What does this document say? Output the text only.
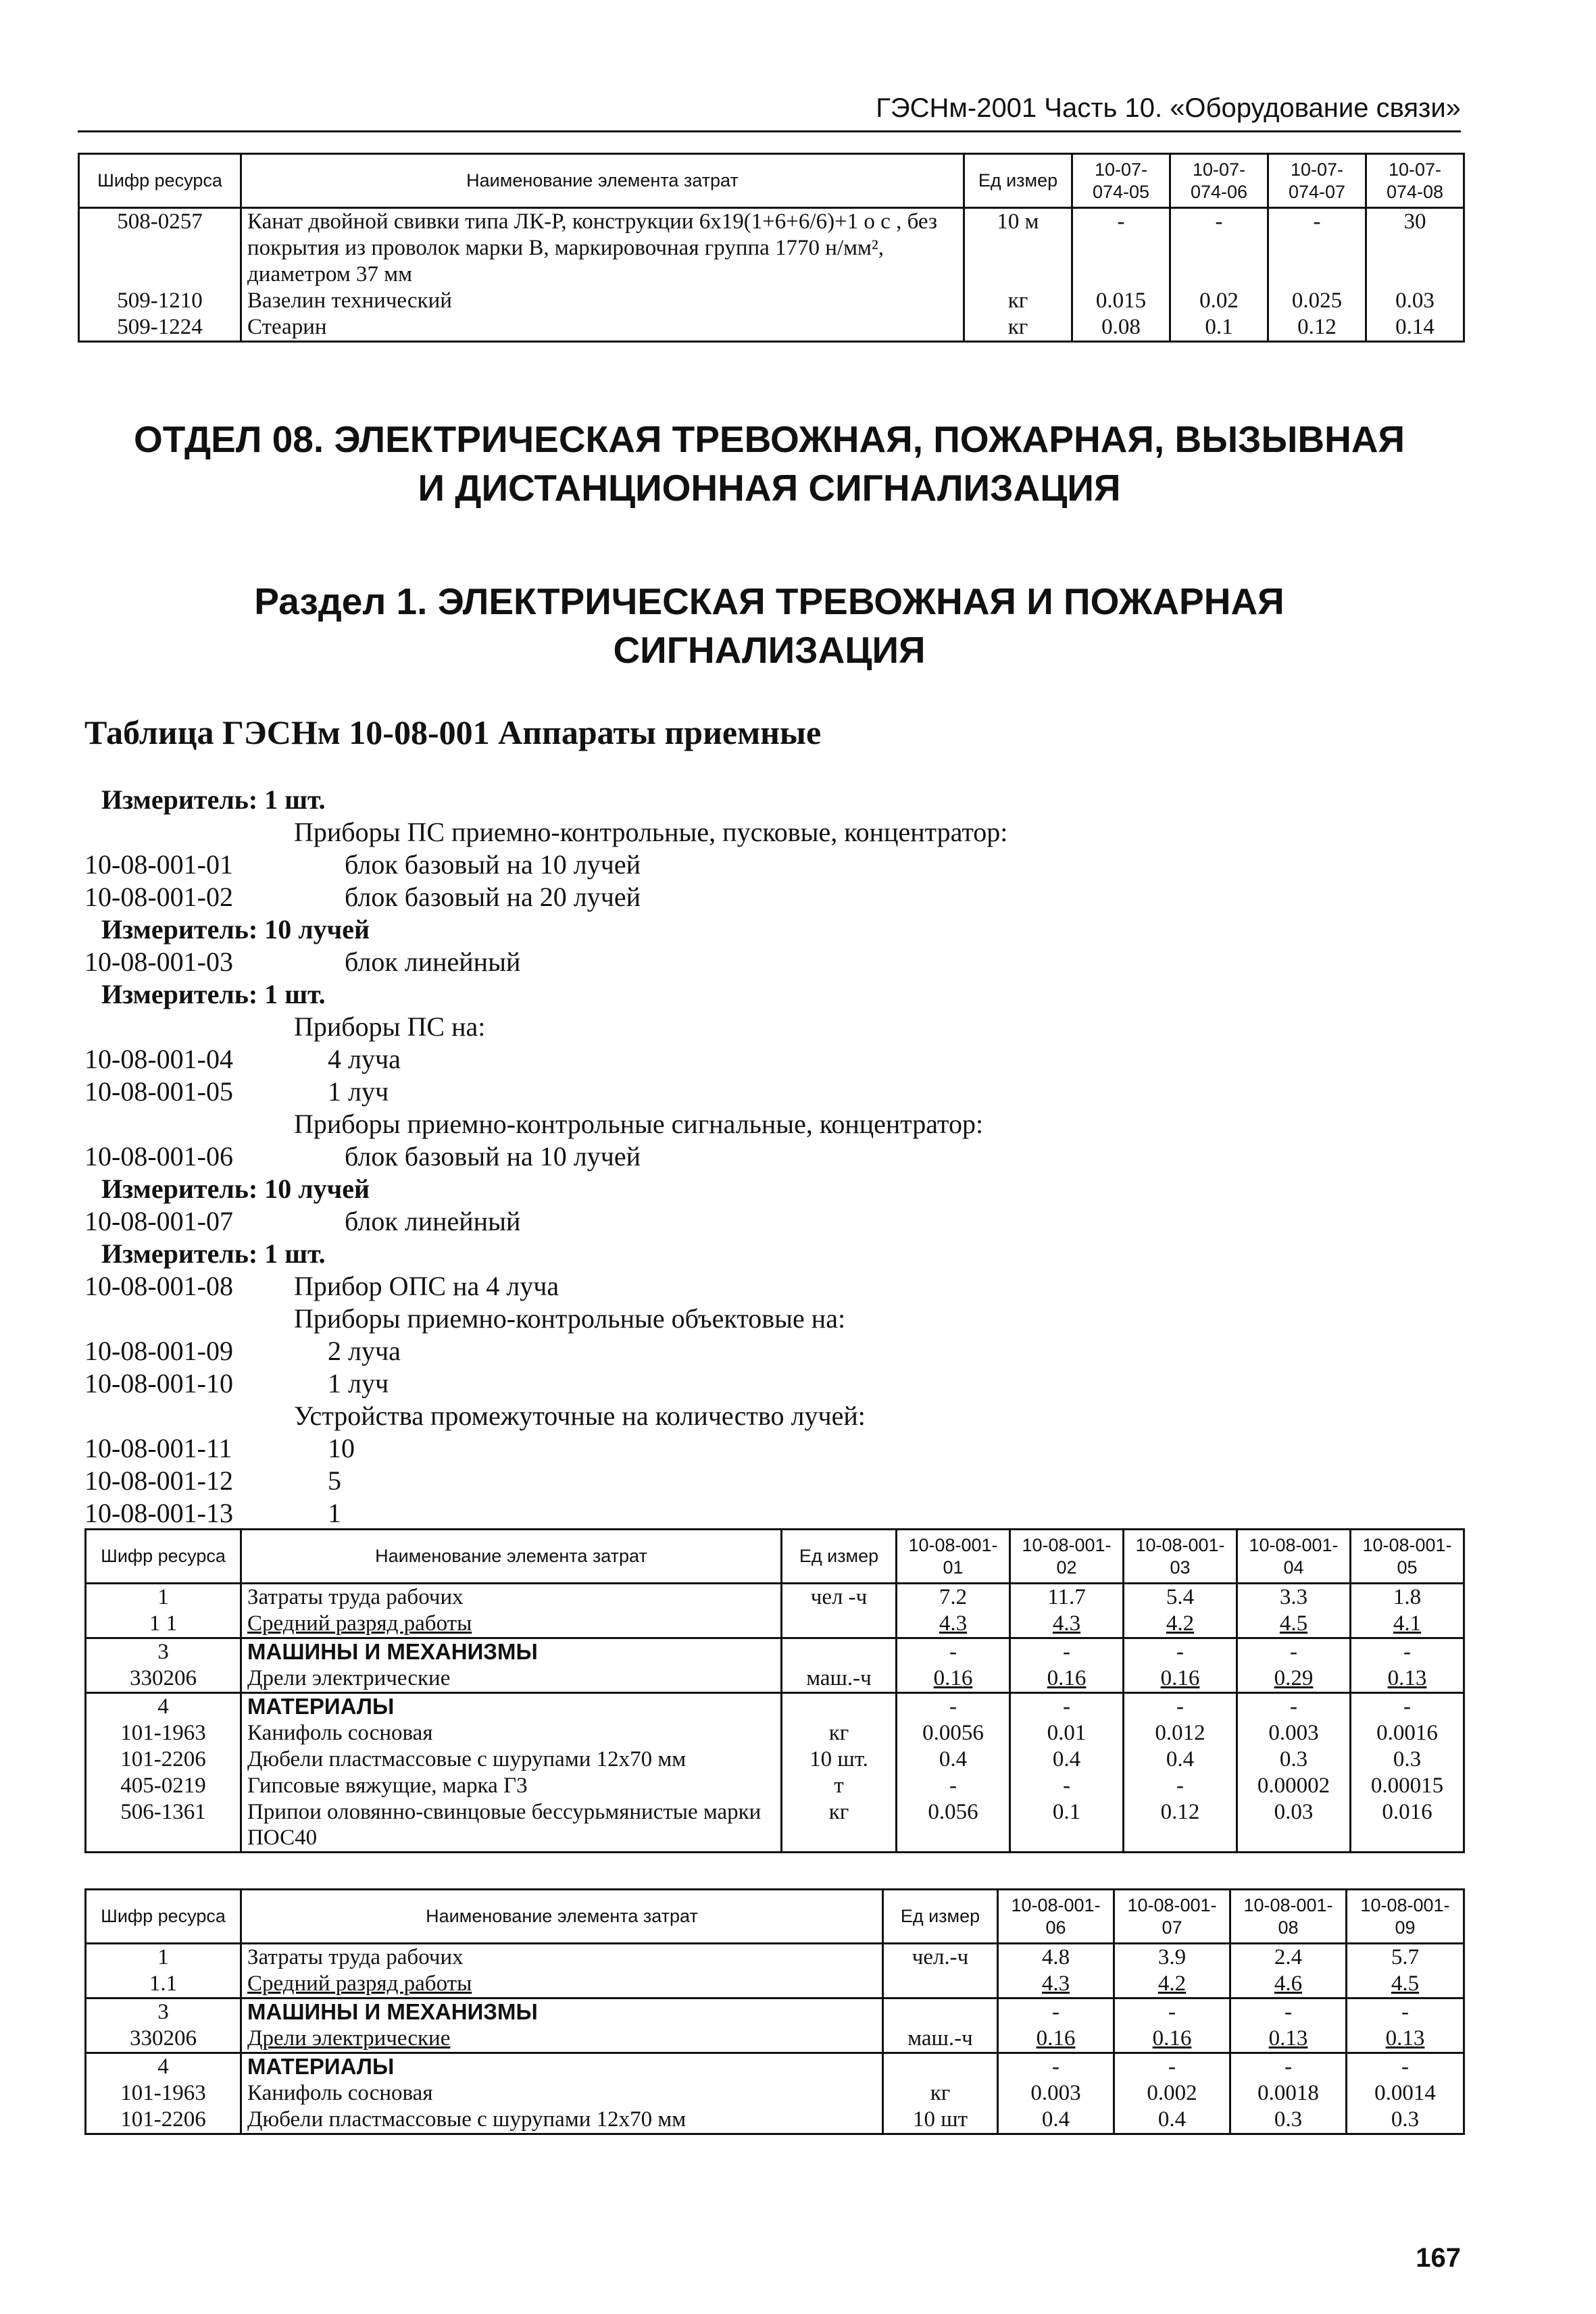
ГЭСНм-2001 Часть 10. «Оборудование связи»
Шифр ресурса	Наименование элемента затрат	Ед измер	10-07-074-05	10-07-074-06	10-07-074-07	10-07-074-08
508-0257	Канат двойной свивки типа ЛК-Р, конструкции 6х19(1+6+6/6)+1 о с , без покрытия из проволок марки В, маркировочная группа 1770 н/мм², диаметром 37 мм	10 м	-	-	-	30
509-1210	Вазелин технический	кг	0.015	0.02	0.025	0.03
509-1224	Стеарин	кг	0.08	0.1	0.12	0.14
ОТДЕЛ 08. ЭЛЕКТРИЧЕСКАЯ ТРЕВОЖНАЯ, ПОЖАРНАЯ, ВЫЗЫВНАЯ
И ДИСТАНЦИОННАЯ СИГНАЛИЗАЦИЯ
Раздел 1. ЭЛЕКТРИЧЕСКАЯ ТРЕВОЖНАЯ И ПОЖАРНАЯ
СИГНАЛИЗАЦИЯ
Таблица ГЭСНм 10-08-001 Аппараты приемные
Измеритель: 1 шт.
Приборы ПС приемно-контрольные, пусковые, концентратор:
10-08-001-01	блок базовый на 10 лучей
10-08-001-02	блок базовый на 20 лучей
Измеритель: 10 лучей
10-08-001-03	блок линейный
Измеритель: 1 шт.
Приборы ПС на:
10-08-001-04	4 луча
10-08-001-05	1 луч
Приборы приемно-контрольные сигнальные, концентратор:
10-08-001-06	блок базовый на 10 лучей
Измеритель: 10 лучей
10-08-001-07	блок линейный
Измеритель: 1 шт.
10-08-001-08 Прибор ОПС на 4 луча
Приборы приемно-контрольные объектовые на:
10-08-001-09	2 луча
10-08-001-10	1 луч
Устройства промежуточные на количество лучей:
10-08-001-11	10
10-08-001-12	5
10-08-001-13	1
Шифр ресурса	Наименование элемента затрат	Ед измер	10-08-001-01	10-08-001-02	10-08-001-03	10-08-001-04	10-08-001-05
1	Затраты труда рабочих	чел -ч	7.2	11.7	5.4	3.3	1.8
1 1	Средний разряд работы		4.3	4.3	4.2	4.5	4.1
3	МАШИНЫ И МЕХАНИЗМЫ		-	-	-	-	-
330206	Дрели электрические	маш.-ч	0.16	0.16	0.16	0.29	0.13
4	МАТЕРИАЛЫ		-	-	-	-	-
101-1963	Канифоль сосновая	кг	0.0056	0.01	0.012	0.003	0.0016
101-2206	Дюбели пластмассовые с шурупами 12х70 мм	10 шт.	0.4	0.4	0.4	0.3	0.3
405-0219	Гипсовые вяжущие, марка Г3	т	-	-	-	0.00002	0.00015
506-1361	Припои оловянно-свинцовые бессурьмянистые марки ПОС40	кг	0.056	0.1	0.12	0.03	0.016
Шифр ресурса	Наименование элемента затрат	Ед измер	10-08-001-06	10-08-001-07	10-08-001-08	10-08-001-09
1	Затраты труда рабочих	чел.-ч	4.8	3.9	2.4	5.7
1.1	Средний разряд работы		4.3	4.2	4.6	4.5
3	МАШИНЫ И МЕХАНИЗМЫ		-	-	-	-
330206	Дрели электрические	маш.-ч	0.16	0.16	0.13	0.13
4	МАТЕРИАЛЫ		-	-	-	-
101-1963	Канифоль сосновая	кг	0.003	0.002	0.0018	0.0014
101-2206	Дюбели пластмассовые с шурупами 12х70 мм	10 шт	0.4	0.4	0.3	0.3
167
